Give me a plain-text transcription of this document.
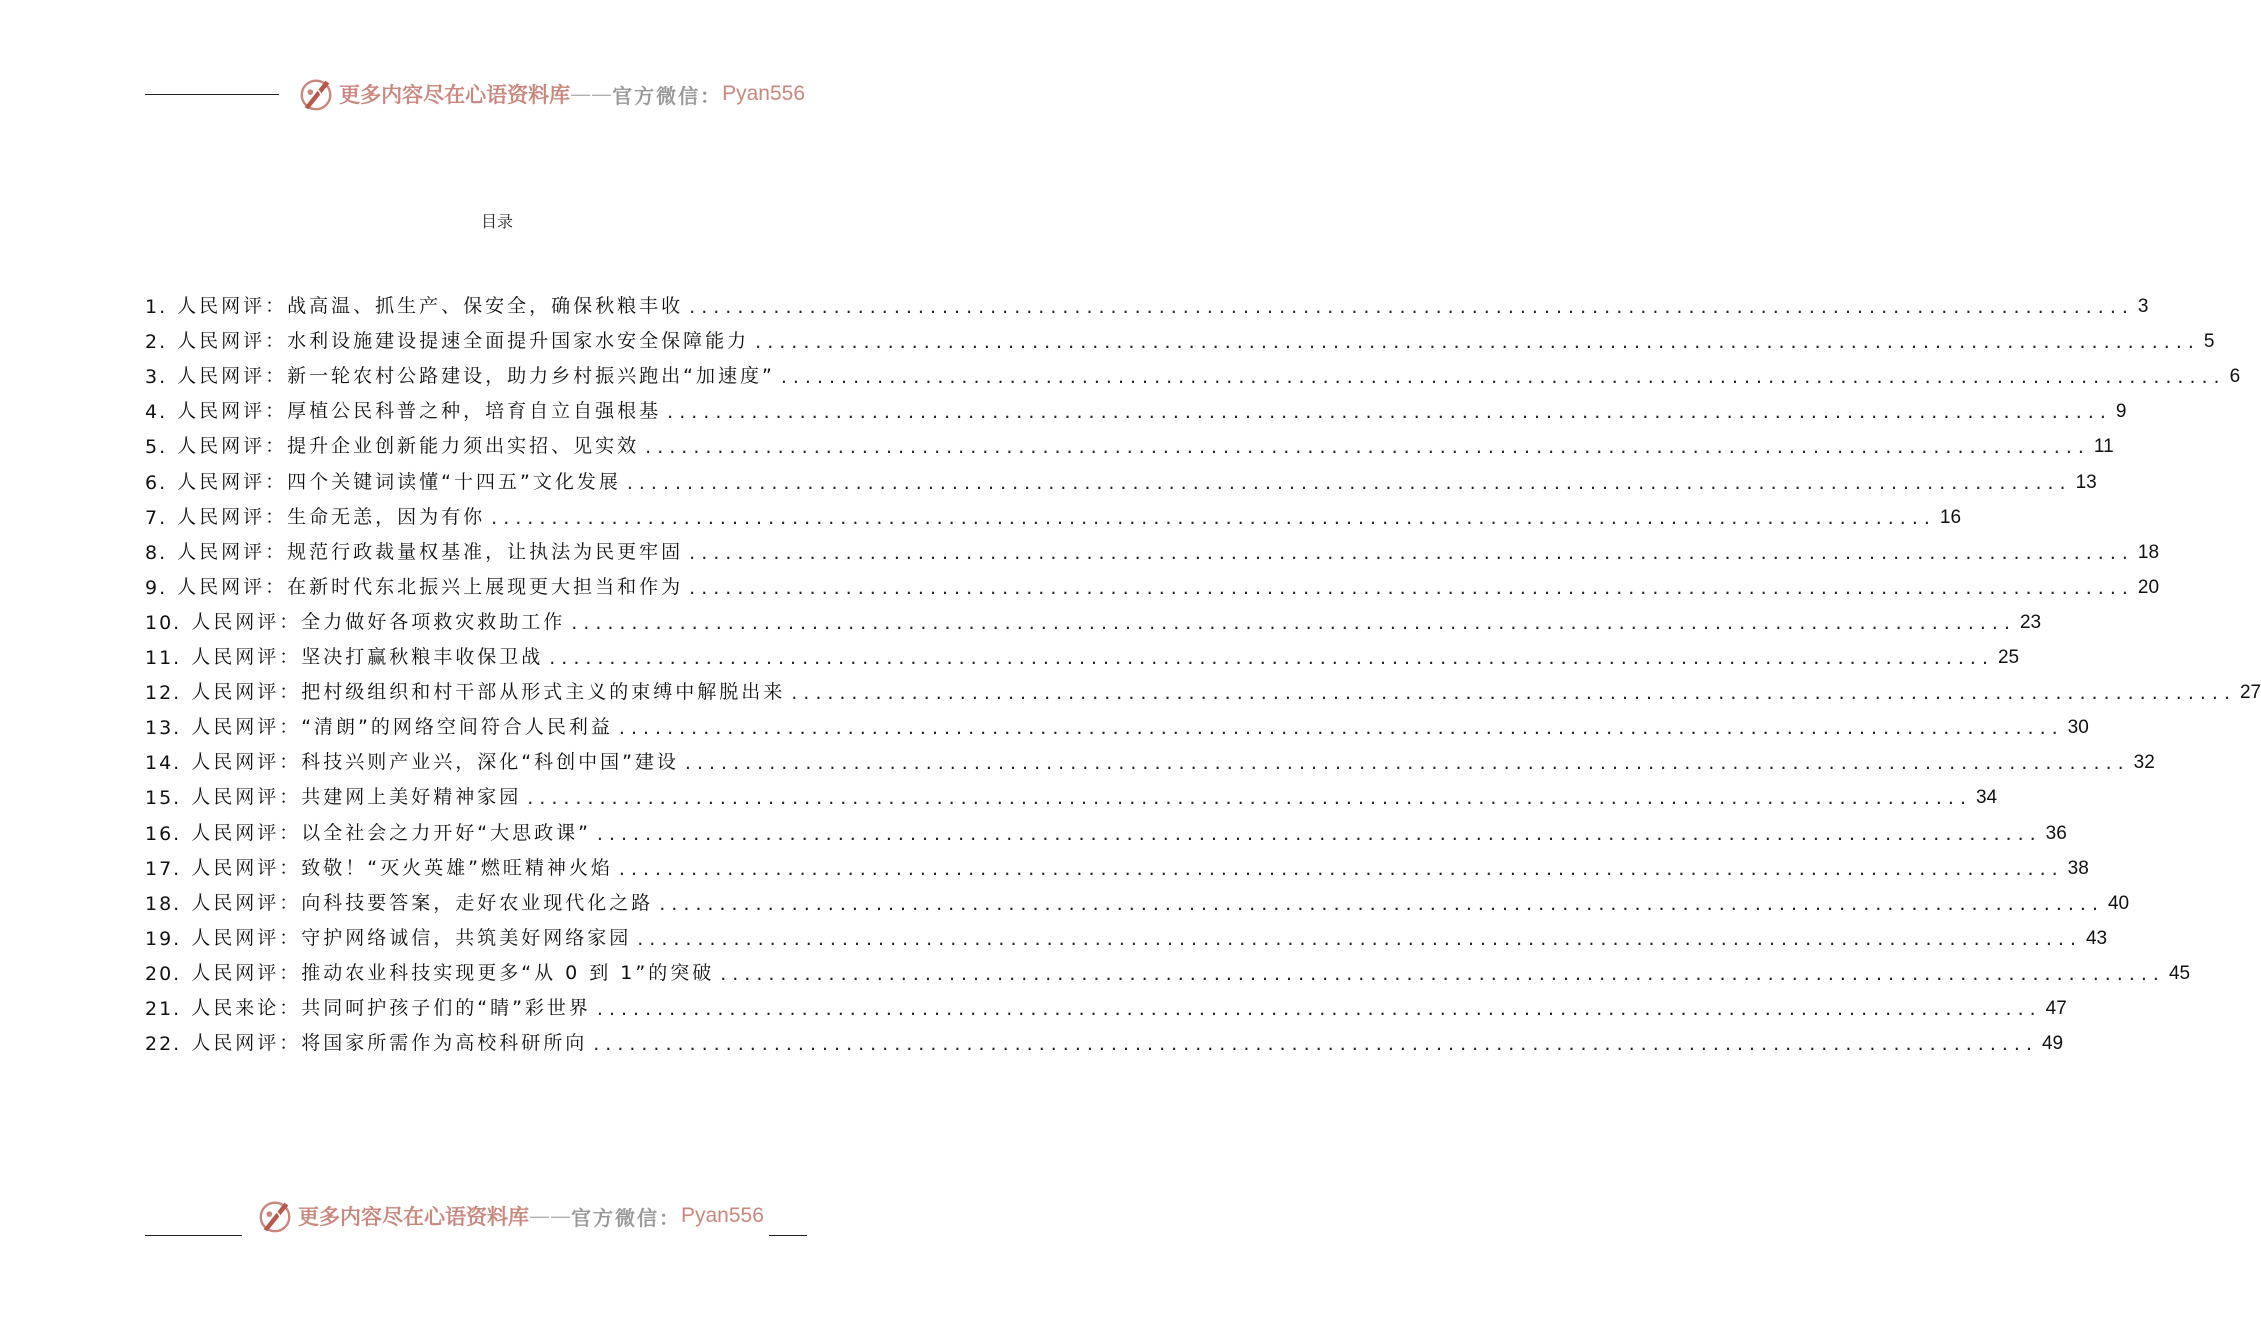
更多内容尽在心语资料库 —— 官方微信： Pyan556
目录
1. 人民网评：战高温、抓生产、保安全，确保秋粮丰收 ........................................................................................................................ 3
2. 人民网评：水利设施建设提速全面提升国家水安全保障能力 ........................................................................................................................ 5
3. 人民网评：新一轮农村公路建设，助力乡村振兴跑出“加速度” ........................................................................................................................ 6
4. 人民网评：厚植公民科普之种，培育自立自强根基 ........................................................................................................................ 9
5. 人民网评：提升企业创新能力须出实招、见实效 ........................................................................................................................ 11
6. 人民网评：四个关键词读懂“十四五”文化发展 ........................................................................................................................ 13
7. 人民网评：生命无恙，因为有你 ........................................................................................................................ 16
8. 人民网评：规范行政裁量权基准，让执法为民更牢固 ........................................................................................................................ 18
9. 人民网评：在新时代东北振兴上展现更大担当和作为 ........................................................................................................................ 20
10. 人民网评：全力做好各项救灾救助工作 ........................................................................................................................ 23
11. 人民网评：坚决打赢秋粮丰收保卫战 ........................................................................................................................ 25
12. 人民网评：把村级组织和村干部从形式主义的束缚中解脱出来 ........................................................................................................................ 27
13. 人民网评：“清朗”的网络空间符合人民利益 ........................................................................................................................ 30
14. 人民网评：科技兴则产业兴，深化“科创中国”建设 ........................................................................................................................ 32
15. 人民网评：共建网上美好精神家园 ........................................................................................................................ 34
16. 人民网评：以全社会之力开好“大思政课” ........................................................................................................................ 36
17. 人民网评：致敬！“灭火英雄”燃旺精神火焰 ........................................................................................................................ 38
18. 人民网评：向科技要答案，走好农业现代化之路 ........................................................................................................................ 40
19. 人民网评：守护网络诚信，共筑美好网络家园 ........................................................................................................................ 43
20. 人民网评：推动农业科技实现更多“从 0 到 1”的突破 ........................................................................................................................ 45
21. 人民来论：共同呵护孩子们的“睛”彩世界 ........................................................................................................................ 47
22. 人民网评：将国家所需作为高校科研所向 ........................................................................................................................ 49
更多内容尽在心语资料库 —— 官方微信： Pyan556
